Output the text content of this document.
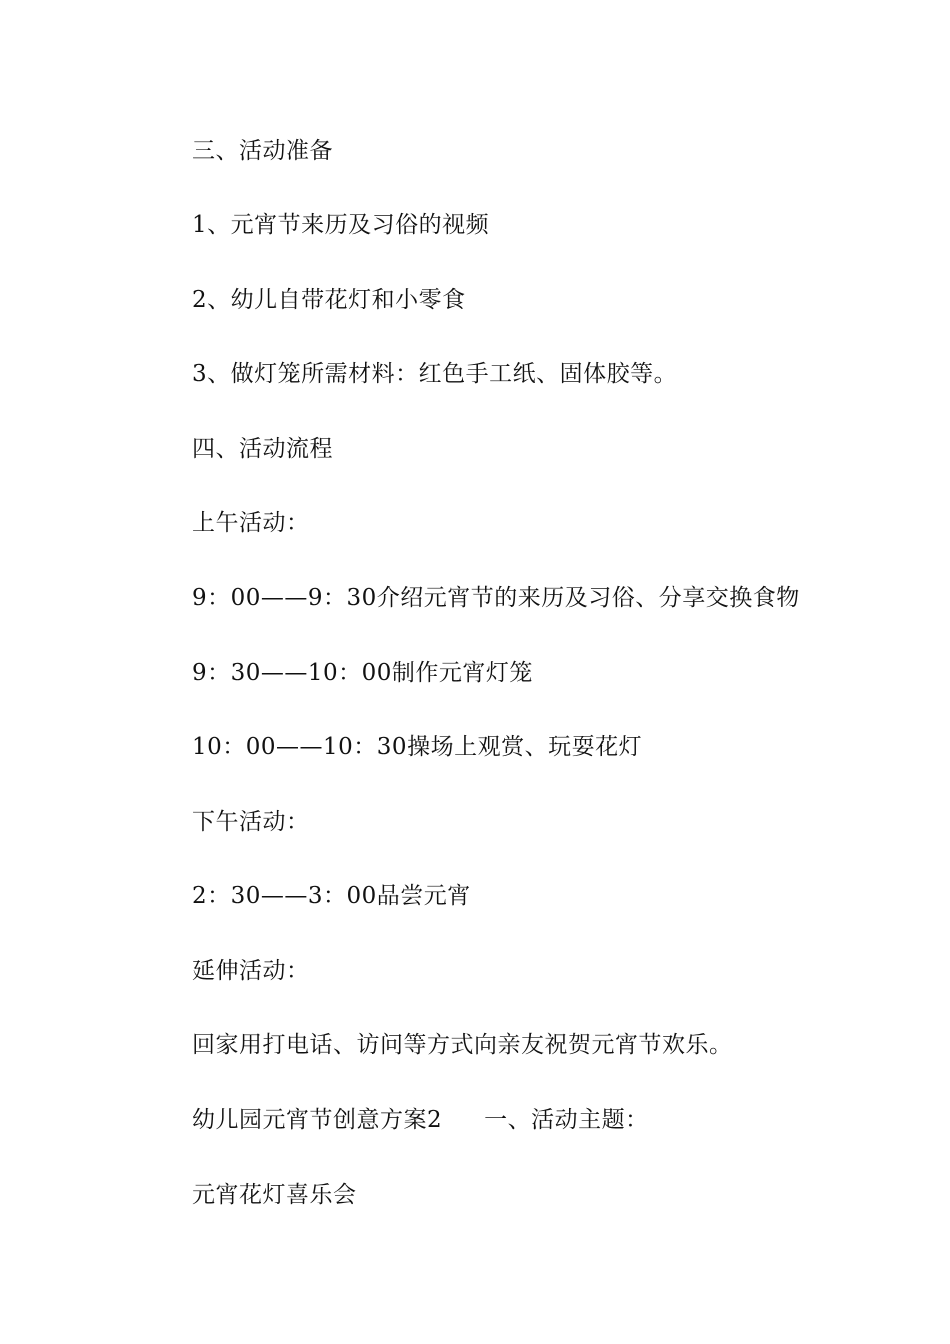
三、活动准备
1、元宵节来历及习俗的视频
2、幼儿自带花灯和小零食
3、做灯笼所需材料：红色手工纸、固体胶等。
四、活动流程
上午活动：
9：00——9：30介绍元宵节的来历及习俗、分享交换食物
9：30——10：00制作元宵灯笼
10：00——10：30操场上观赏、玩耍花灯
下午活动：
2：30——3：00品尝元宵
延伸活动：
回家用打电话、访问等方式向亲友祝贺元宵节欢乐。
幼儿园元宵节创意方案2 一、活动主题：
元宵花灯喜乐会
